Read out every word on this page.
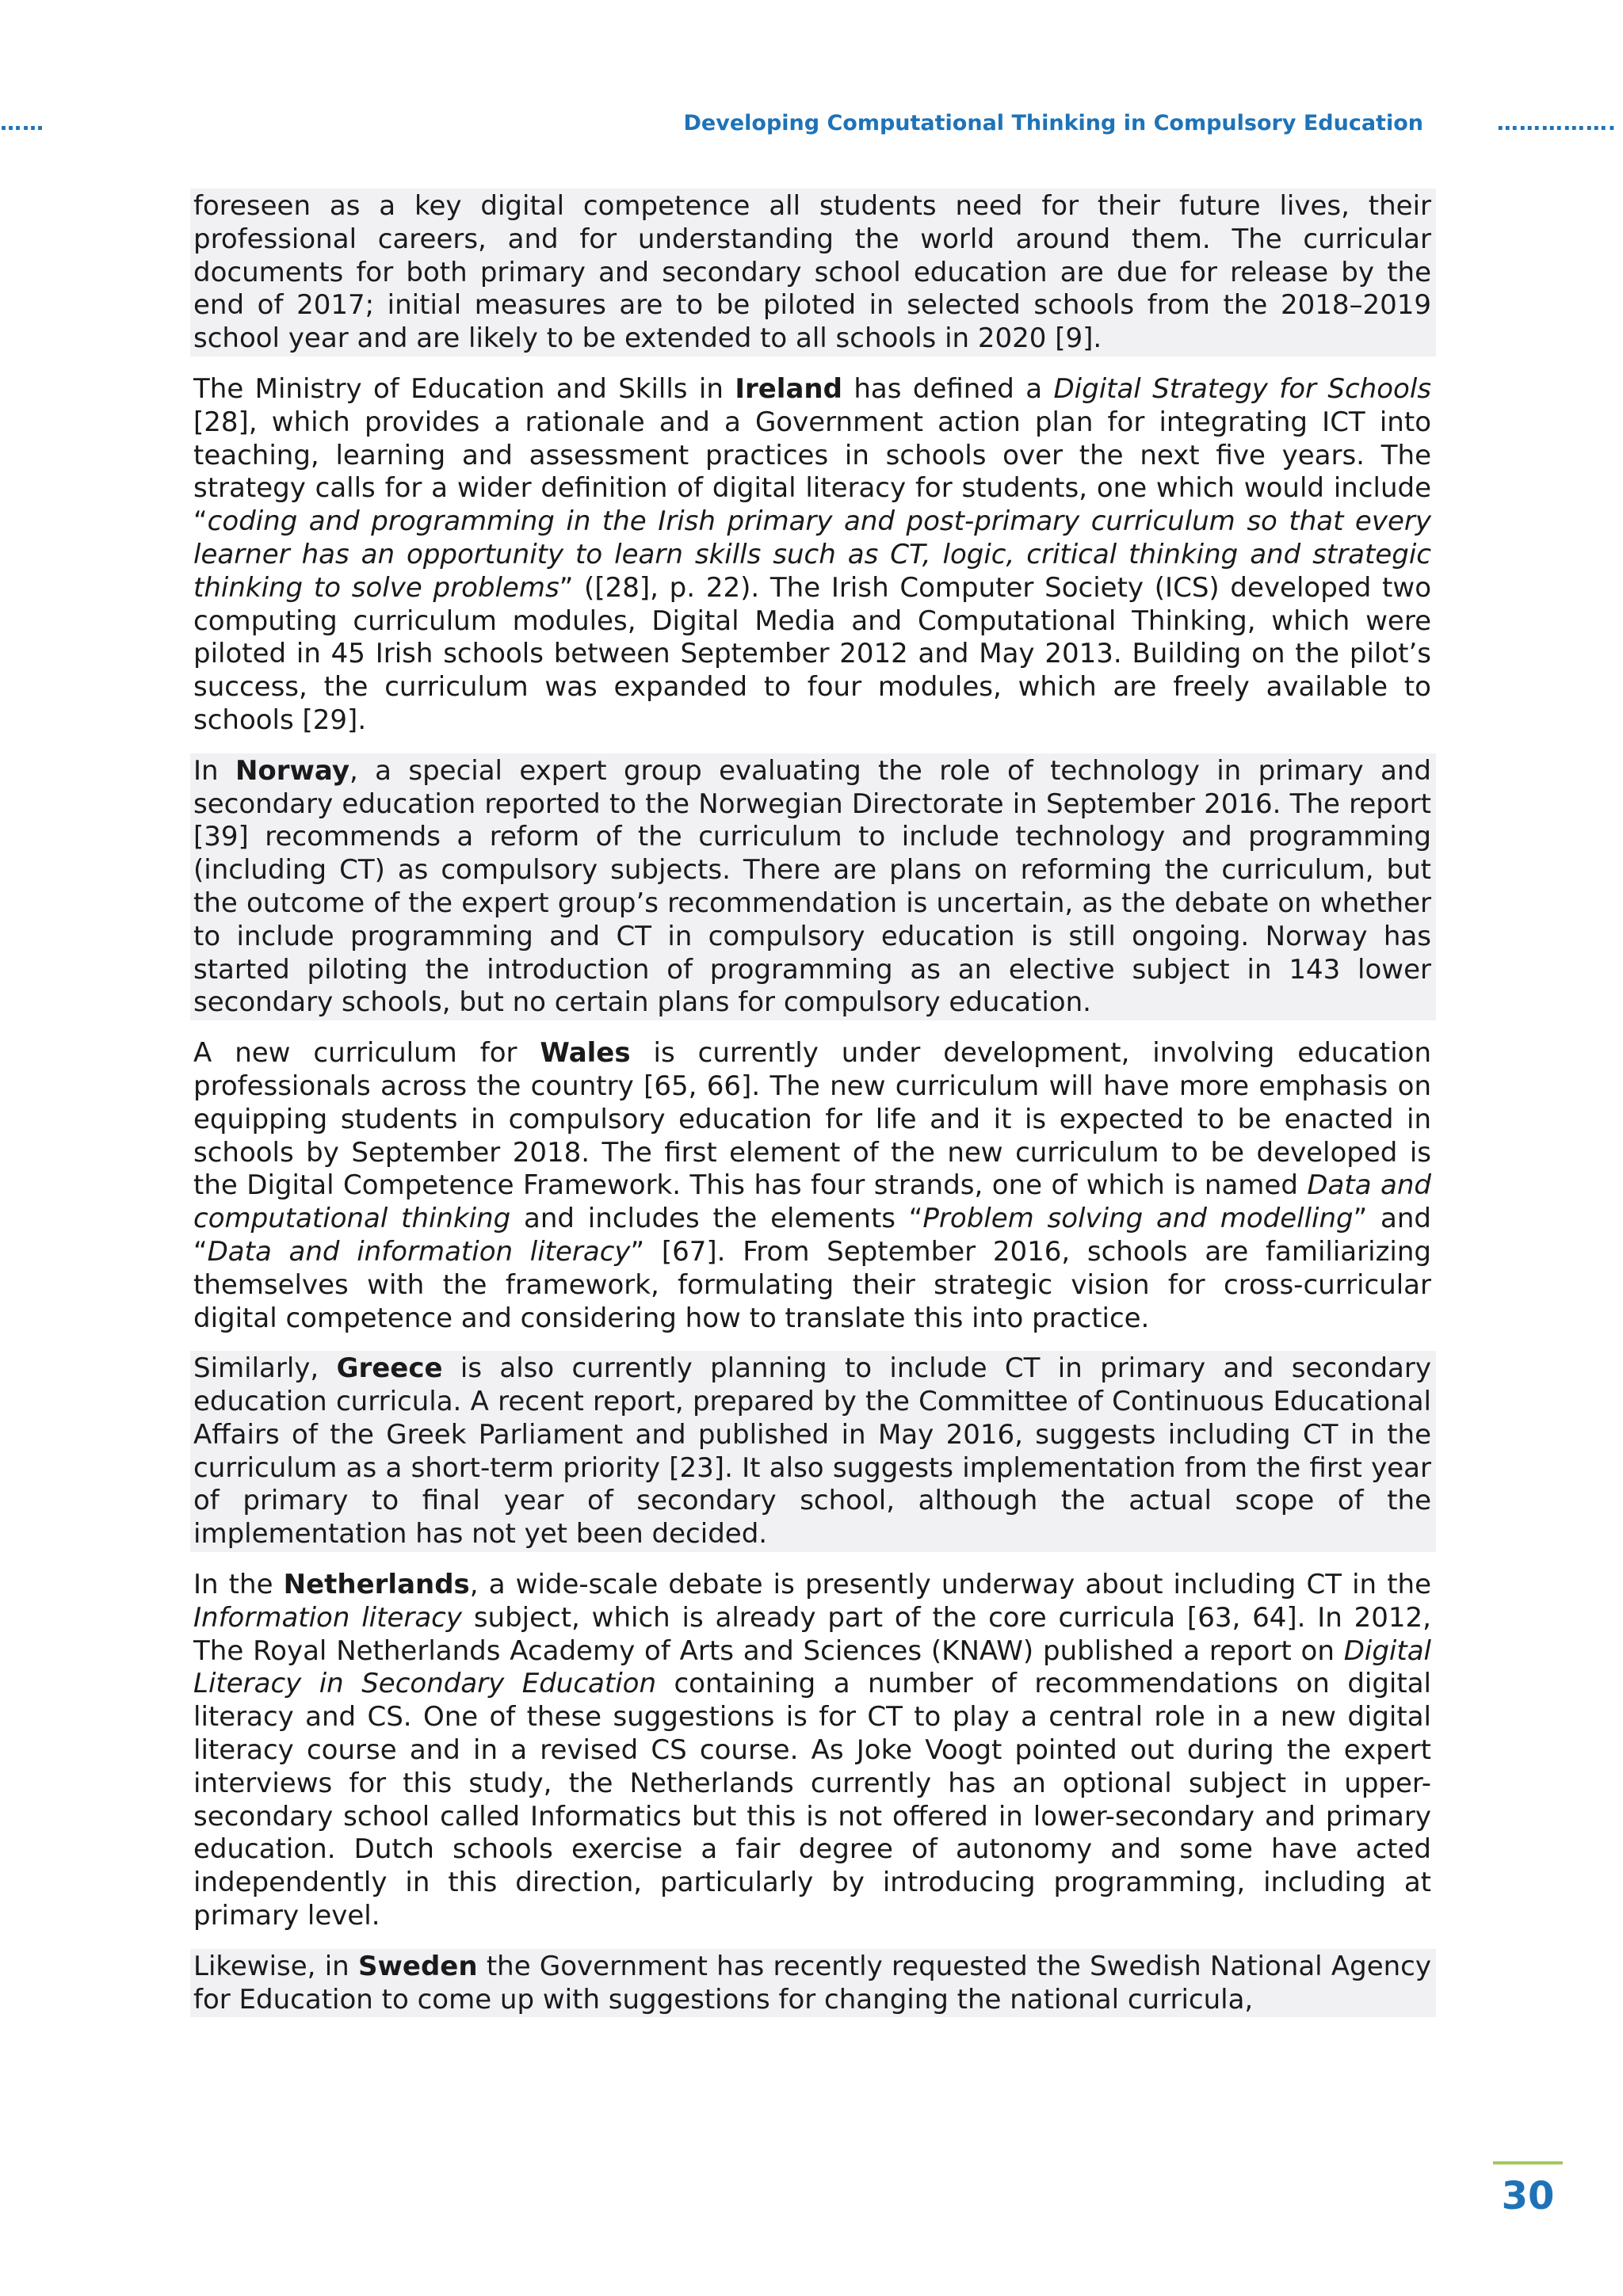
……	Developing Computational Thinking in Compulsory Education	…………….

foreseen as a key digital competence all students need for their future lives, their professional careers, and for understanding the world around them. The curricular documents for both primary and secondary school education are due for release by the end of 2017; initial measures are to be piloted in selected schools from the 2018–2019 school year and are likely to be extended to all schools in 2020 [9].

The Ministry of Education and Skills in Ireland has defined a Digital Strategy for Schools [28], which provides a rationale and a Government action plan for integrating ICT into teaching, learning and assessment practices in schools over the next five years. The strategy calls for a wider definition of digital literacy for students, one which would include “coding and programming in the Irish primary and post-primary curriculum so that every learner has an opportunity to learn skills such as CT, logic, critical thinking and strategic thinking to solve problems” ([28], p. 22). The Irish Computer Society (ICS) developed two computing curriculum modules, Digital Media and Computational Thinking, which were piloted in 45 Irish schools between September 2012 and May 2013. Building on the pilot’s success, the curriculum was expanded to four modules, which are freely available to schools [29].

In Norway, a special expert group evaluating the role of technology in primary and secondary education reported to the Norwegian Directorate in September 2016. The report [39] recommends a reform of the curriculum to include technology and programming (including CT) as compulsory subjects. There are plans on reforming the curriculum, but the outcome of the expert group’s recommendation is uncertain, as the debate on whether to include programming and CT in compulsory education is still ongoing. Norway has started piloting the introduction of programming as an elective subject in 143 lower secondary schools, but no certain plans for compulsory education.

A new curriculum for Wales is currently under development, involving education professionals across the country [65, 66]. The new curriculum will have more emphasis on equipping students in compulsory education for life and it is expected to be enacted in schools by September 2018. The first element of the new curriculum to be developed is the Digital Competence Framework. This has four strands, one of which is named Data and computational thinking and includes the elements “Problem solving and modelling” and “Data and information literacy” [67]. From September 2016, schools are familiarizing themselves with the framework, formulating their strategic vision for cross-curricular digital competence and considering how to translate this into practice.

Similarly, Greece is also currently planning to include CT in primary and secondary education curricula. A recent report, prepared by the Committee of Continuous Educational Affairs of the Greek Parliament and published in May 2016, suggests including CT in the curriculum as a short-term priority [23]. It also suggests implementation from the first year of primary to final year of secondary school, although the actual scope of the implementation has not yet been decided.

In the Netherlands, a wide-scale debate is presently underway about including CT in the Information literacy subject, which is already part of the core curricula [63, 64]. In 2012, The Royal Netherlands Academy of Arts and Sciences (KNAW) published a report on Digital Literacy in Secondary Education containing a number of recommendations on digital literacy and CS. One of these suggestions is for CT to play a central role in a new digital literacy course and in a revised CS course. As Joke Voogt pointed out during the expert interviews for this study, the Netherlands currently has an optional subject in upper-secondary school called Informatics but this is not offered in lower-secondary and primary education. Dutch schools exercise a fair degree of autonomy and some have acted independently in this direction, particularly by introducing programming, including at primary level.

Likewise, in Sweden the Government has recently requested the Swedish National Agency for Education to come up with suggestions for changing the national curricula,

30
